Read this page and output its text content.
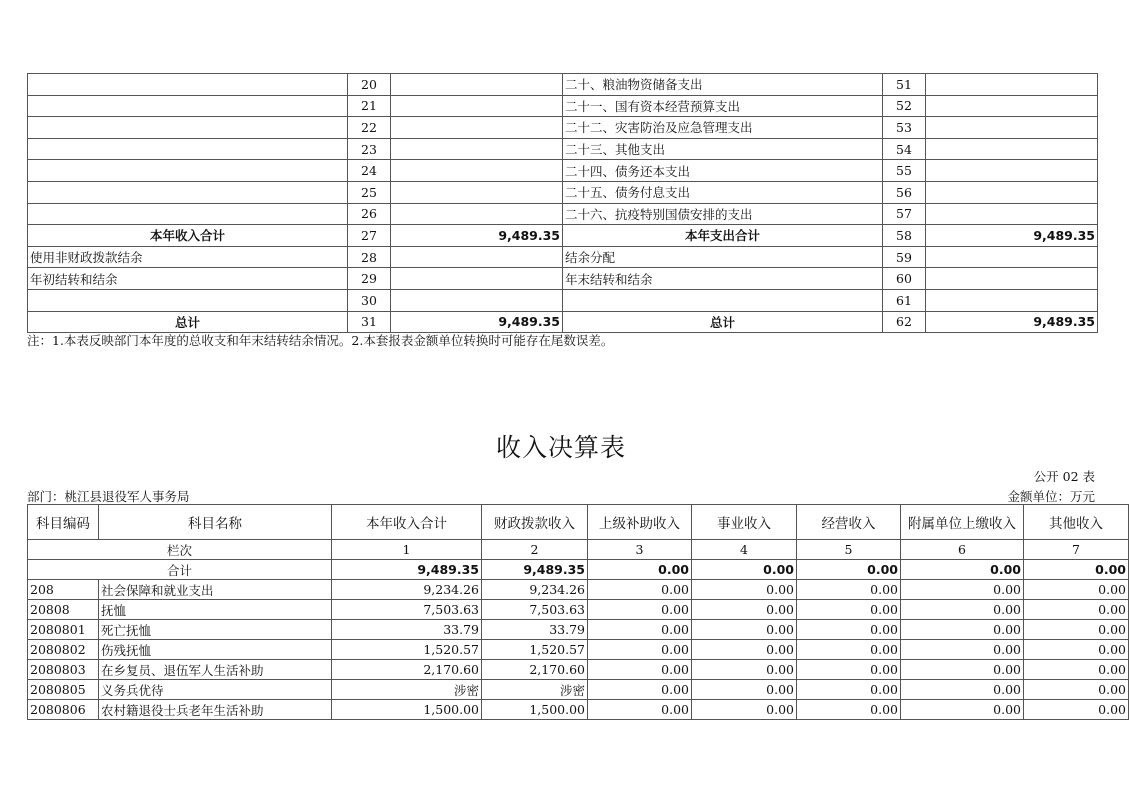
	20		二十、粮油物资储备支出	51	
	21		二十一、国有资本经营预算支出	52	
	22		二十二、灾害防治及应急管理支出	53	
	23		二十三、其他支出	54	
	24		二十四、债务还本支出	55	
	25		二十五、债务付息支出	56	
	26		二十六、抗疫特别国债安排的支出	57	
本年收入合计	27	9,489.35	本年支出合计	58	9,489.35
使用非财政拨款结余	28		结余分配	59	
年初结转和结余	29		年末结转和结余	60	
	30			61	
总计	31	9,489.35	总计	62	9,489.35
注：1.本表反映部门本年度的总收支和年末结转结余情况。2.本套报表金额单位转换时可能存在尾数误差。
收入决算表
公开 02 表
部门：桃江县退役军人事务局	金额单位：万元
科目编码	科目名称	本年收入合计	财政拨款收入	上级补助收入	事业收入	经营收入	附属单位上缴收入	其他收入
栏次		1	2	3	4	5	6	7
合计		9,489.35	9,489.35	0.00	0.00	0.00	0.00	0.00
208	社会保障和就业支出	9,234.26	9,234.26	0.00	0.00	0.00	0.00	0.00
20808	抚恤	7,503.63	7,503.63	0.00	0.00	0.00	0.00	0.00
2080801	死亡抚恤	33.79	33.79	0.00	0.00	0.00	0.00	0.00
2080802	伤残抚恤	1,520.57	1,520.57	0.00	0.00	0.00	0.00	0.00
2080803	在乡复员、退伍军人生活补助	2,170.60	2,170.60	0.00	0.00	0.00	0.00	0.00
2080805	义务兵优待	涉密	涉密	0.00	0.00	0.00	0.00	0.00
2080806	农村籍退役士兵老年生活补助	1,500.00	1,500.00	0.00	0.00	0.00	0.00	0.00
